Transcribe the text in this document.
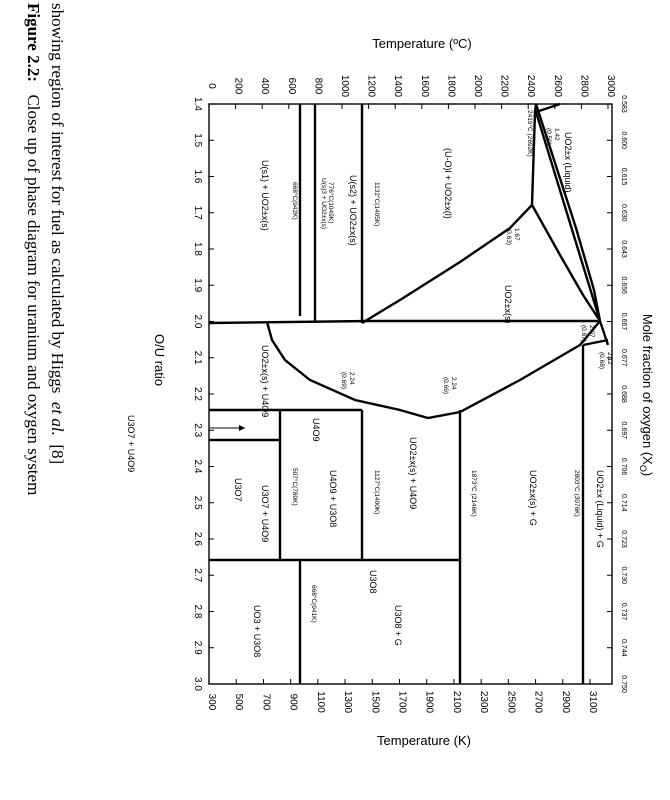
Figure 2.2: Close up of phase diagram for uranium and oxygen system showing region of interest for fuel as calculated by Higgs et al. [8]
O/U ratio
Temperature (ºC)
Temperature (K)
Mole fraction of oxygen $(X_O)$
0 200 400 600 800 1000 1200 1400 1600 1800 2000 2200 2400 2600 2800 3000
300 500 700 900 1100 1300 1500 1700 1900 2100 2300 2500 2700 2900 3100
1.4
1.5
1.6
1.7
1.8
1.9
2.0
2.1
2.2
2.3
2.4
2.5
2.6
2.7
2.8
2.9
3.0
0.583
0.600
0.615
0.630
0.643
0.656
0.667
0.677
0.688
0.697
0.706
0.714
0.723
0.730
0.737
0.744
0.750
UO2±x (Liquid)
(U-O)l + UO2±x(l)
UO2±x(s)
U(s1) + UO2±x(s)	U(s2) + UO2±x(s)
U(s)3 + UO2±x(s)
UO2±x(s) + U4O9
U4O9
UO2±x(s) + U4O9
U3O7 U3O7 + U4O9	U4O9 + U3O8
U3O8
U3O8 + G
UO3 + U3O8
UO2±x(s) + G	UO2±x (Liquid) + G
U3O7 + U4O9
2419°C (2692K)	1.42
(0.59)
1.67
(0.63)
2.07
(0.67)
2.12
(0.68)
2.24
(0.69)	2.24
(0.69)
1132°C(1405K)
776°C(1049K)
668°C(942K)
1127°C(1400K)
507°C(780K)	1873°C (2146K)	2803°C (3076K)
668°C(941K)
